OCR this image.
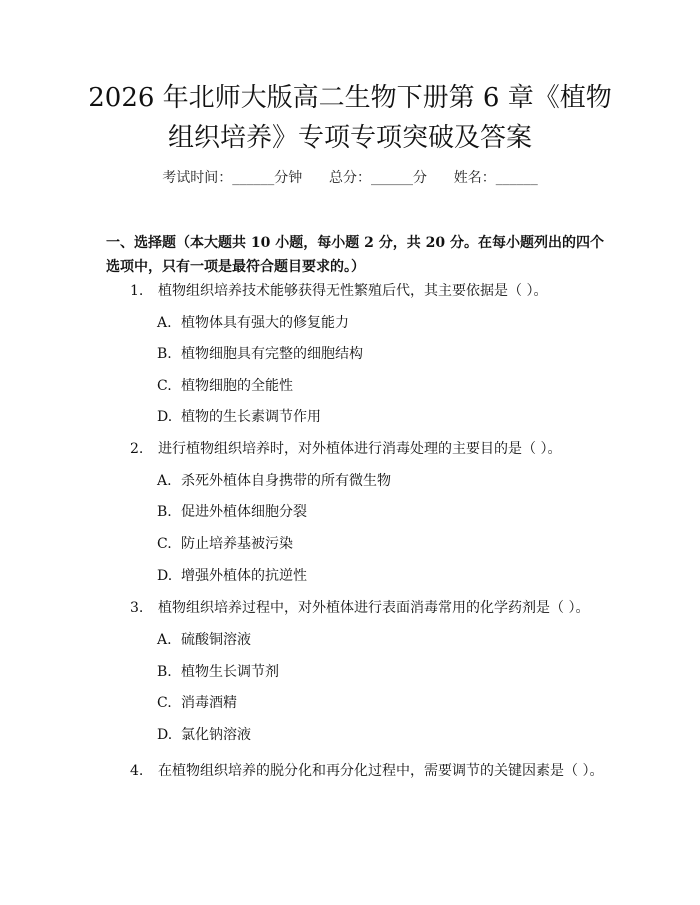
2026 年北师大版高二生物下册第 6 章《植物
组织培养》专项专项突破及答案
考试时间：______分钟      总分：______分      姓名：______
一、选择题（本大题共 10 小题，每小题 2 分，共 20 分。在每小题列出的四个选项中，只有一项是最符合题目要求的。）
1. 植物组织培养技术能够获得无性繁殖后代，其主要依据是（ ）。
A. 植物体具有强大的修复能力
B. 植物细胞具有完整的细胞结构
C. 植物细胞的全能性
D. 植物的生长素调节作用
2. 进行植物组织培养时，对外植体进行消毒处理的主要目的是（ ）。
A. 杀死外植体自身携带的所有微生物
B. 促进外植体细胞分裂
C. 防止培养基被污染
D. 增强外植体的抗逆性
3. 植物组织培养过程中，对外植体进行表面消毒常用的化学药剂是（ ）。
A. 硫酸铜溶液
B. 植物生长调节剂
C. 消毒酒精
D. 氯化钠溶液
4. 在植物组织培养的脱分化和再分化过程中，需要调节的关键因素是（ ）。
